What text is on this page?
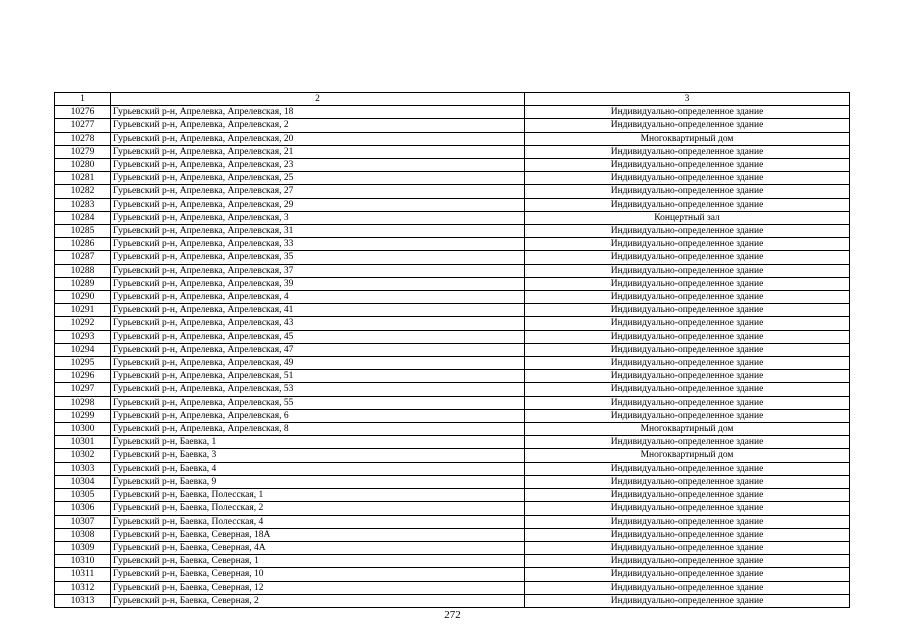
1	2	3
10276	Гурьевский р-н, Апрелевка, Апрелевская, 18	Индивидуально-определенное здание
10277	Гурьевский р-н, Апрелевка, Апрелевская, 2	Индивидуально-определенное здание
10278	Гурьевский р-н, Апрелевка, Апрелевская, 20	Многоквартирный дом
10279	Гурьевский р-н, Апрелевка, Апрелевская, 21	Индивидуально-определенное здание
10280	Гурьевский р-н, Апрелевка, Апрелевская, 23	Индивидуально-определенное здание
10281	Гурьевский р-н, Апрелевка, Апрелевская, 25	Индивидуально-определенное здание
10282	Гурьевский р-н, Апрелевка, Апрелевская, 27	Индивидуально-определенное здание
10283	Гурьевский р-н, Апрелевка, Апрелевская, 29	Индивидуально-определенное здание
10284	Гурьевский р-н, Апрелевка, Апрелевская, 3	Концертный зал
10285	Гурьевский р-н, Апрелевка, Апрелевская, 31	Индивидуально-определенное здание
10286	Гурьевский р-н, Апрелевка, Апрелевская, 33	Индивидуально-определенное здание
10287	Гурьевский р-н, Апрелевка, Апрелевская, 35	Индивидуально-определенное здание
10288	Гурьевский р-н, Апрелевка, Апрелевская, 37	Индивидуально-определенное здание
10289	Гурьевский р-н, Апрелевка, Апрелевская, 39	Индивидуально-определенное здание
10290	Гурьевский р-н, Апрелевка, Апрелевская, 4	Индивидуально-определенное здание
10291	Гурьевский р-н, Апрелевка, Апрелевская, 41	Индивидуально-определенное здание
10292	Гурьевский р-н, Апрелевка, Апрелевская, 43	Индивидуально-определенное здание
10293	Гурьевский р-н, Апрелевка, Апрелевская, 45	Индивидуально-определенное здание
10294	Гурьевский р-н, Апрелевка, Апрелевская, 47	Индивидуально-определенное здание
10295	Гурьевский р-н, Апрелевка, Апрелевская, 49	Индивидуально-определенное здание
10296	Гурьевский р-н, Апрелевка, Апрелевская, 51	Индивидуально-определенное здание
10297	Гурьевский р-н, Апрелевка, Апрелевская, 53	Индивидуально-определенное здание
10298	Гурьевский р-н, Апрелевка, Апрелевская, 55	Индивидуально-определенное здание
10299	Гурьевский р-н, Апрелевка, Апрелевская, 6	Индивидуально-определенное здание
10300	Гурьевский р-н, Апрелевка, Апрелевская, 8	Многоквартирный дом
10301	Гурьевский р-н, Баевка, 1	Индивидуально-определенное здание
10302	Гурьевский р-н, Баевка, 3	Многоквартирный дом
10303	Гурьевский р-н, Баевка, 4	Индивидуально-определенное здание
10304	Гурьевский р-н, Баевка, 9	Индивидуально-определенное здание
10305	Гурьевский р-н, Баевка, Полесская, 1	Индивидуально-определенное здание
10306	Гурьевский р-н, Баевка, Полесская, 2	Индивидуально-определенное здание
10307	Гурьевский р-н, Баевка, Полесская, 4	Индивидуально-определенное здание
10308	Гурьевский р-н, Баевка, Северная, 18А	Индивидуально-определенное здание
10309	Гурьевский р-н, Баевка, Северная, 4А	Индивидуально-определенное здание
10310	Гурьевский р-н, Баевка, Северная, 1	Индивидуально-определенное здание
10311	Гурьевский р-н, Баевка, Северная, 10	Индивидуально-определенное здание
10312	Гурьевский р-н, Баевка, Северная, 12	Индивидуально-определенное здание
10313	Гурьевский р-н, Баевка, Северная, 2	Индивидуально-определенное здание
272
